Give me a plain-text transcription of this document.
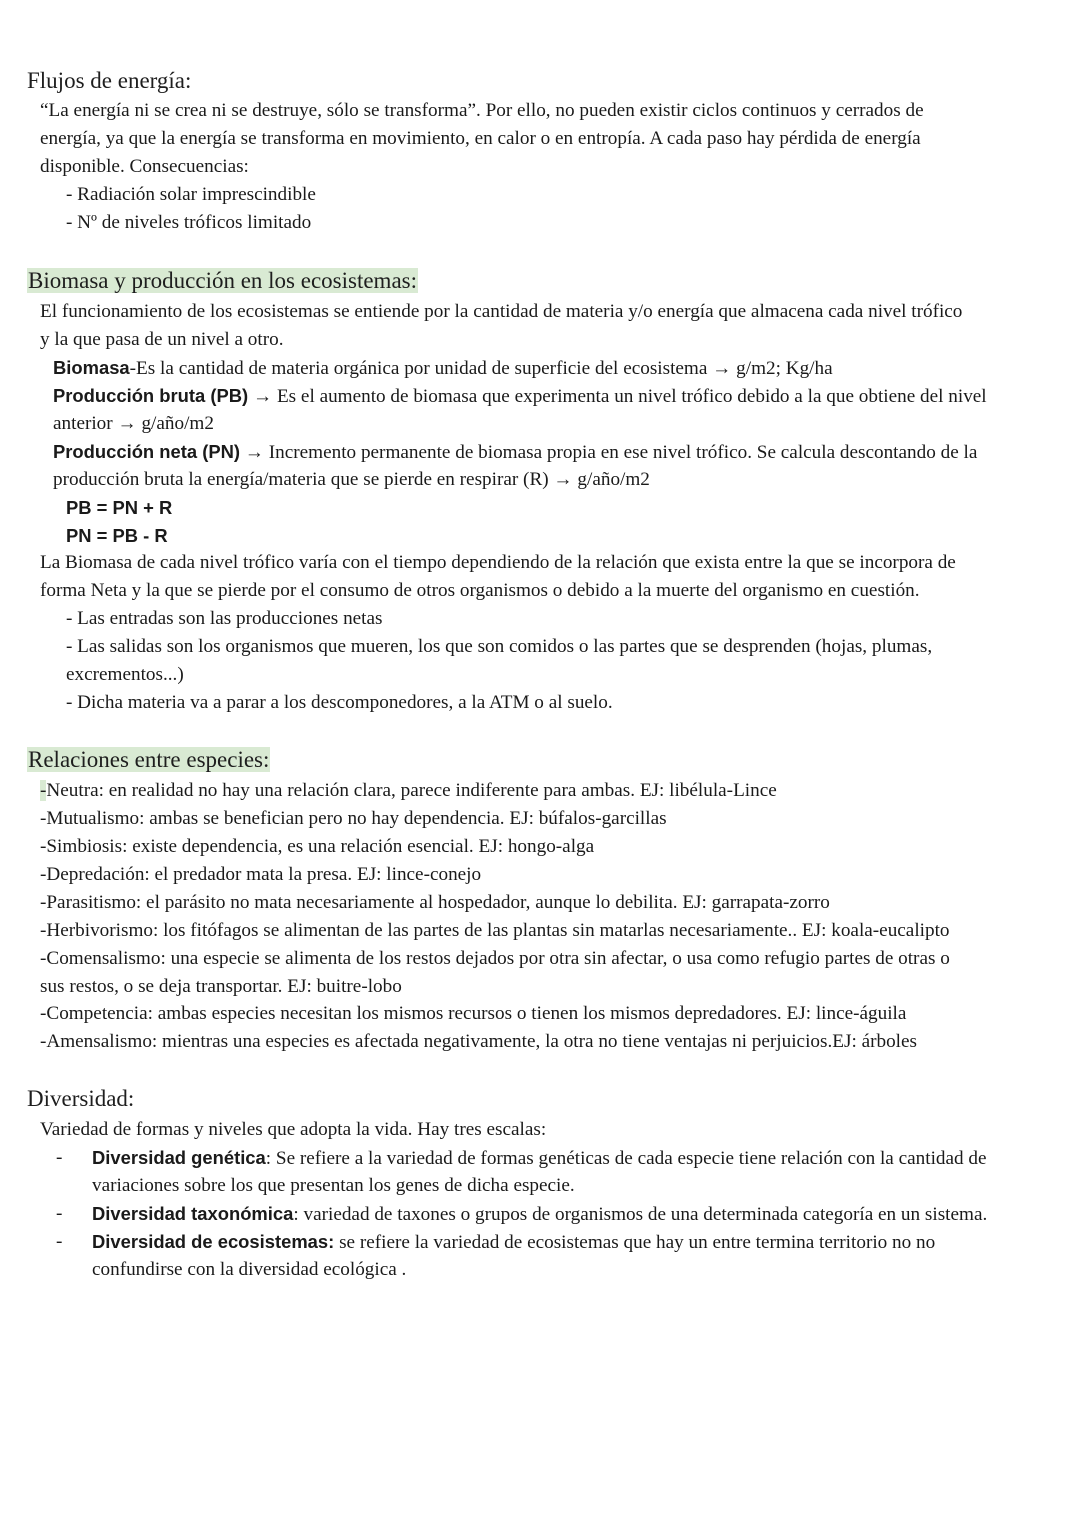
Flujos de energía:

“La energía ni se crea ni se destruye, sólo se transforma”. Por ello, no pueden existir ciclos continuos y cerrados de

energía, ya que la energía se transforma en movimiento, en calor o en entropía. A cada paso hay pérdida de energía

disponible. Consecuencias:

- Radiación solar imprescindible

- Nº de niveles tróficos limitado

Biomasa y producción en los ecosistemas:

El funcionamiento de los ecosistemas se entiende por la cantidad de materia y/o energía que almacena cada nivel trófico

y la que pasa de un nivel a otro.

Biomasa-Es la cantidad de materia orgánica por unidad de superficie del ecosistema → g/m2; Kg/ha

Producción bruta (PB) → Es el aumento de biomasa que experimenta un nivel trófico debido a la que obtiene del nivel

anterior → g/año/m2

Producción neta (PN) → Incremento permanente de biomasa propia en ese nivel trófico. Se calcula descontando de la

producción bruta la energía/materia que se pierde en respirar (R) → g/año/m2

PB = PN + R

PN = PB - R

La Biomasa de cada nivel trófico varía con el tiempo dependiendo de la relación que exista entre la que se incorpora de

forma Neta y la que se pierde por el consumo de otros organismos o debido a la muerte del organismo en cuestión.

- Las entradas son las producciones netas

- Las salidas son los organismos que mueren, los que son comidos o las partes que se desprenden (hojas, plumas,

excrementos...)

- Dicha materia va a parar a los descomponedores, a la ATM o al suelo.

Relaciones entre especies:

-Neutra: en realidad no hay una relación clara, parece indiferente para ambas. EJ: libélula-Lince

-Mutualismo: ambas se benefician pero no hay dependencia. EJ: búfalos-garcillas

-Simbiosis: existe dependencia, es una relación esencial. EJ: hongo-alga

-Depredación: el predador mata la presa. EJ: lince-conejo

-Parasitismo: el parásito no mata necesariamente al hospedador, aunque lo debilita. EJ: garrapata-zorro

-Herbivorismo: los fitófagos se alimentan de las partes de las plantas sin matarlas necesariamente.. EJ: koala-eucalipto

-Comensalismo: una especie se alimenta de los restos dejados por otra sin afectar, o usa como refugio partes de otras o

sus restos, o se deja transportar. EJ: buitre-lobo

-Competencia: ambas especies necesitan los mismos recursos o tienen los mismos depredadores. EJ: lince-águila

-Amensalismo: mientras una especies es afectada negativamente, la otra no tiene ventajas ni perjuicios.EJ: árboles

Diversidad:

Variedad de formas y niveles que adopta la vida. Hay tres escalas:

- Diversidad genética: Se refiere a la variedad de formas genéticas de cada especie tiene relación con la cantidad de

variaciones sobre los que presentan los genes de dicha especie.

- Diversidad taxonómica: variedad de taxones o grupos de organismos de una determinada categoría en un sistema.

- Diversidad de ecosistemas: se refiere la variedad de ecosistemas que hay un entre termina territorio no no

confundirse con la diversidad ecológica .
